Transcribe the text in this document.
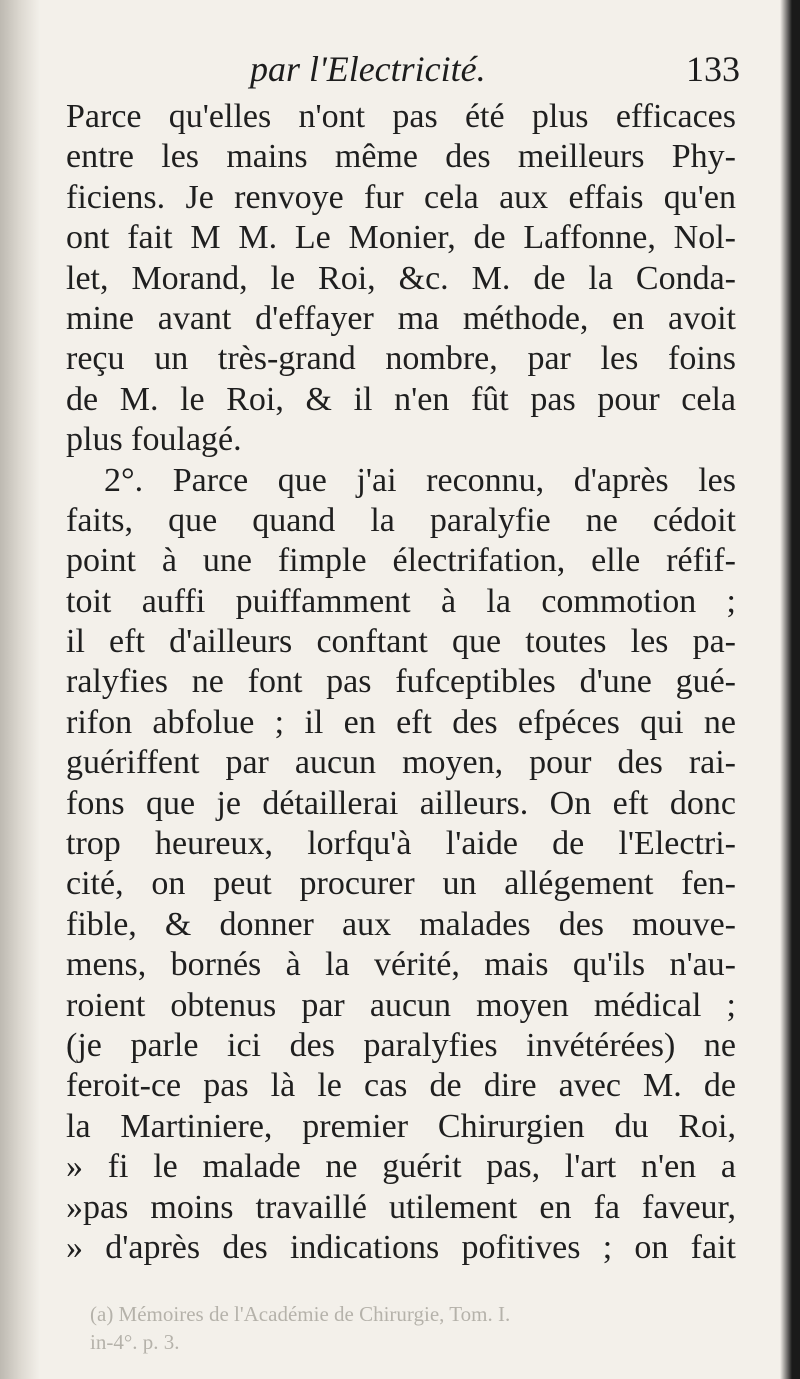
par l'Electricité.	133
Parce qu'elles n'ont pas été plus efficaces
entre les mains même des meilleurs Phy-
ficiens. Je renvoye fur cela aux effais qu'en
ont fait M M. Le Monier, de Laffonne, Nol-
let, Morand, le Roi, &c. M. de la Conda-
mine avant d'effayer ma méthode, en avoit
reçu un très-grand nombre, par les foins
de M. le Roi, & il n'en fût pas pour cela
plus foulagé.
2°. Parce que j'ai reconnu, d'après les
faits, que quand la paralyfie ne cédoit
point à une fimple électrifation, elle réfif-
toit auffi puiffamment à la commotion ;
il eft d'ailleurs conftant que toutes les pa-
ralyfies ne font pas fufceptibles d'une gué-
rifon abfolue ; il en eft des efpéces qui ne
guériffent par aucun moyen, pour des rai-
fons que je détaillerai ailleurs. On eft donc
trop heureux, lorfqu'à l'aide de l'Electri-
cité, on peut procurer un allégement fen-
fible, & donner aux malades des mouve-
mens, bornés à la vérité, mais qu'ils n'au-
roient obtenus par aucun moyen médical ;
(je parle ici des paralyfies invétérées) ne
feroit-ce pas là le cas de dire avec M. de
la Martiniere, premier Chirurgien du Roi,
» fi le malade ne guérit pas, l'art n'en a
»pas moins travaillé utilement en fa faveur,
» d'après des indications pofitives ; on fait
(a) Mémoires de l'Académie de Chirurgie, Tom. I.
in-4°. p. 3.
